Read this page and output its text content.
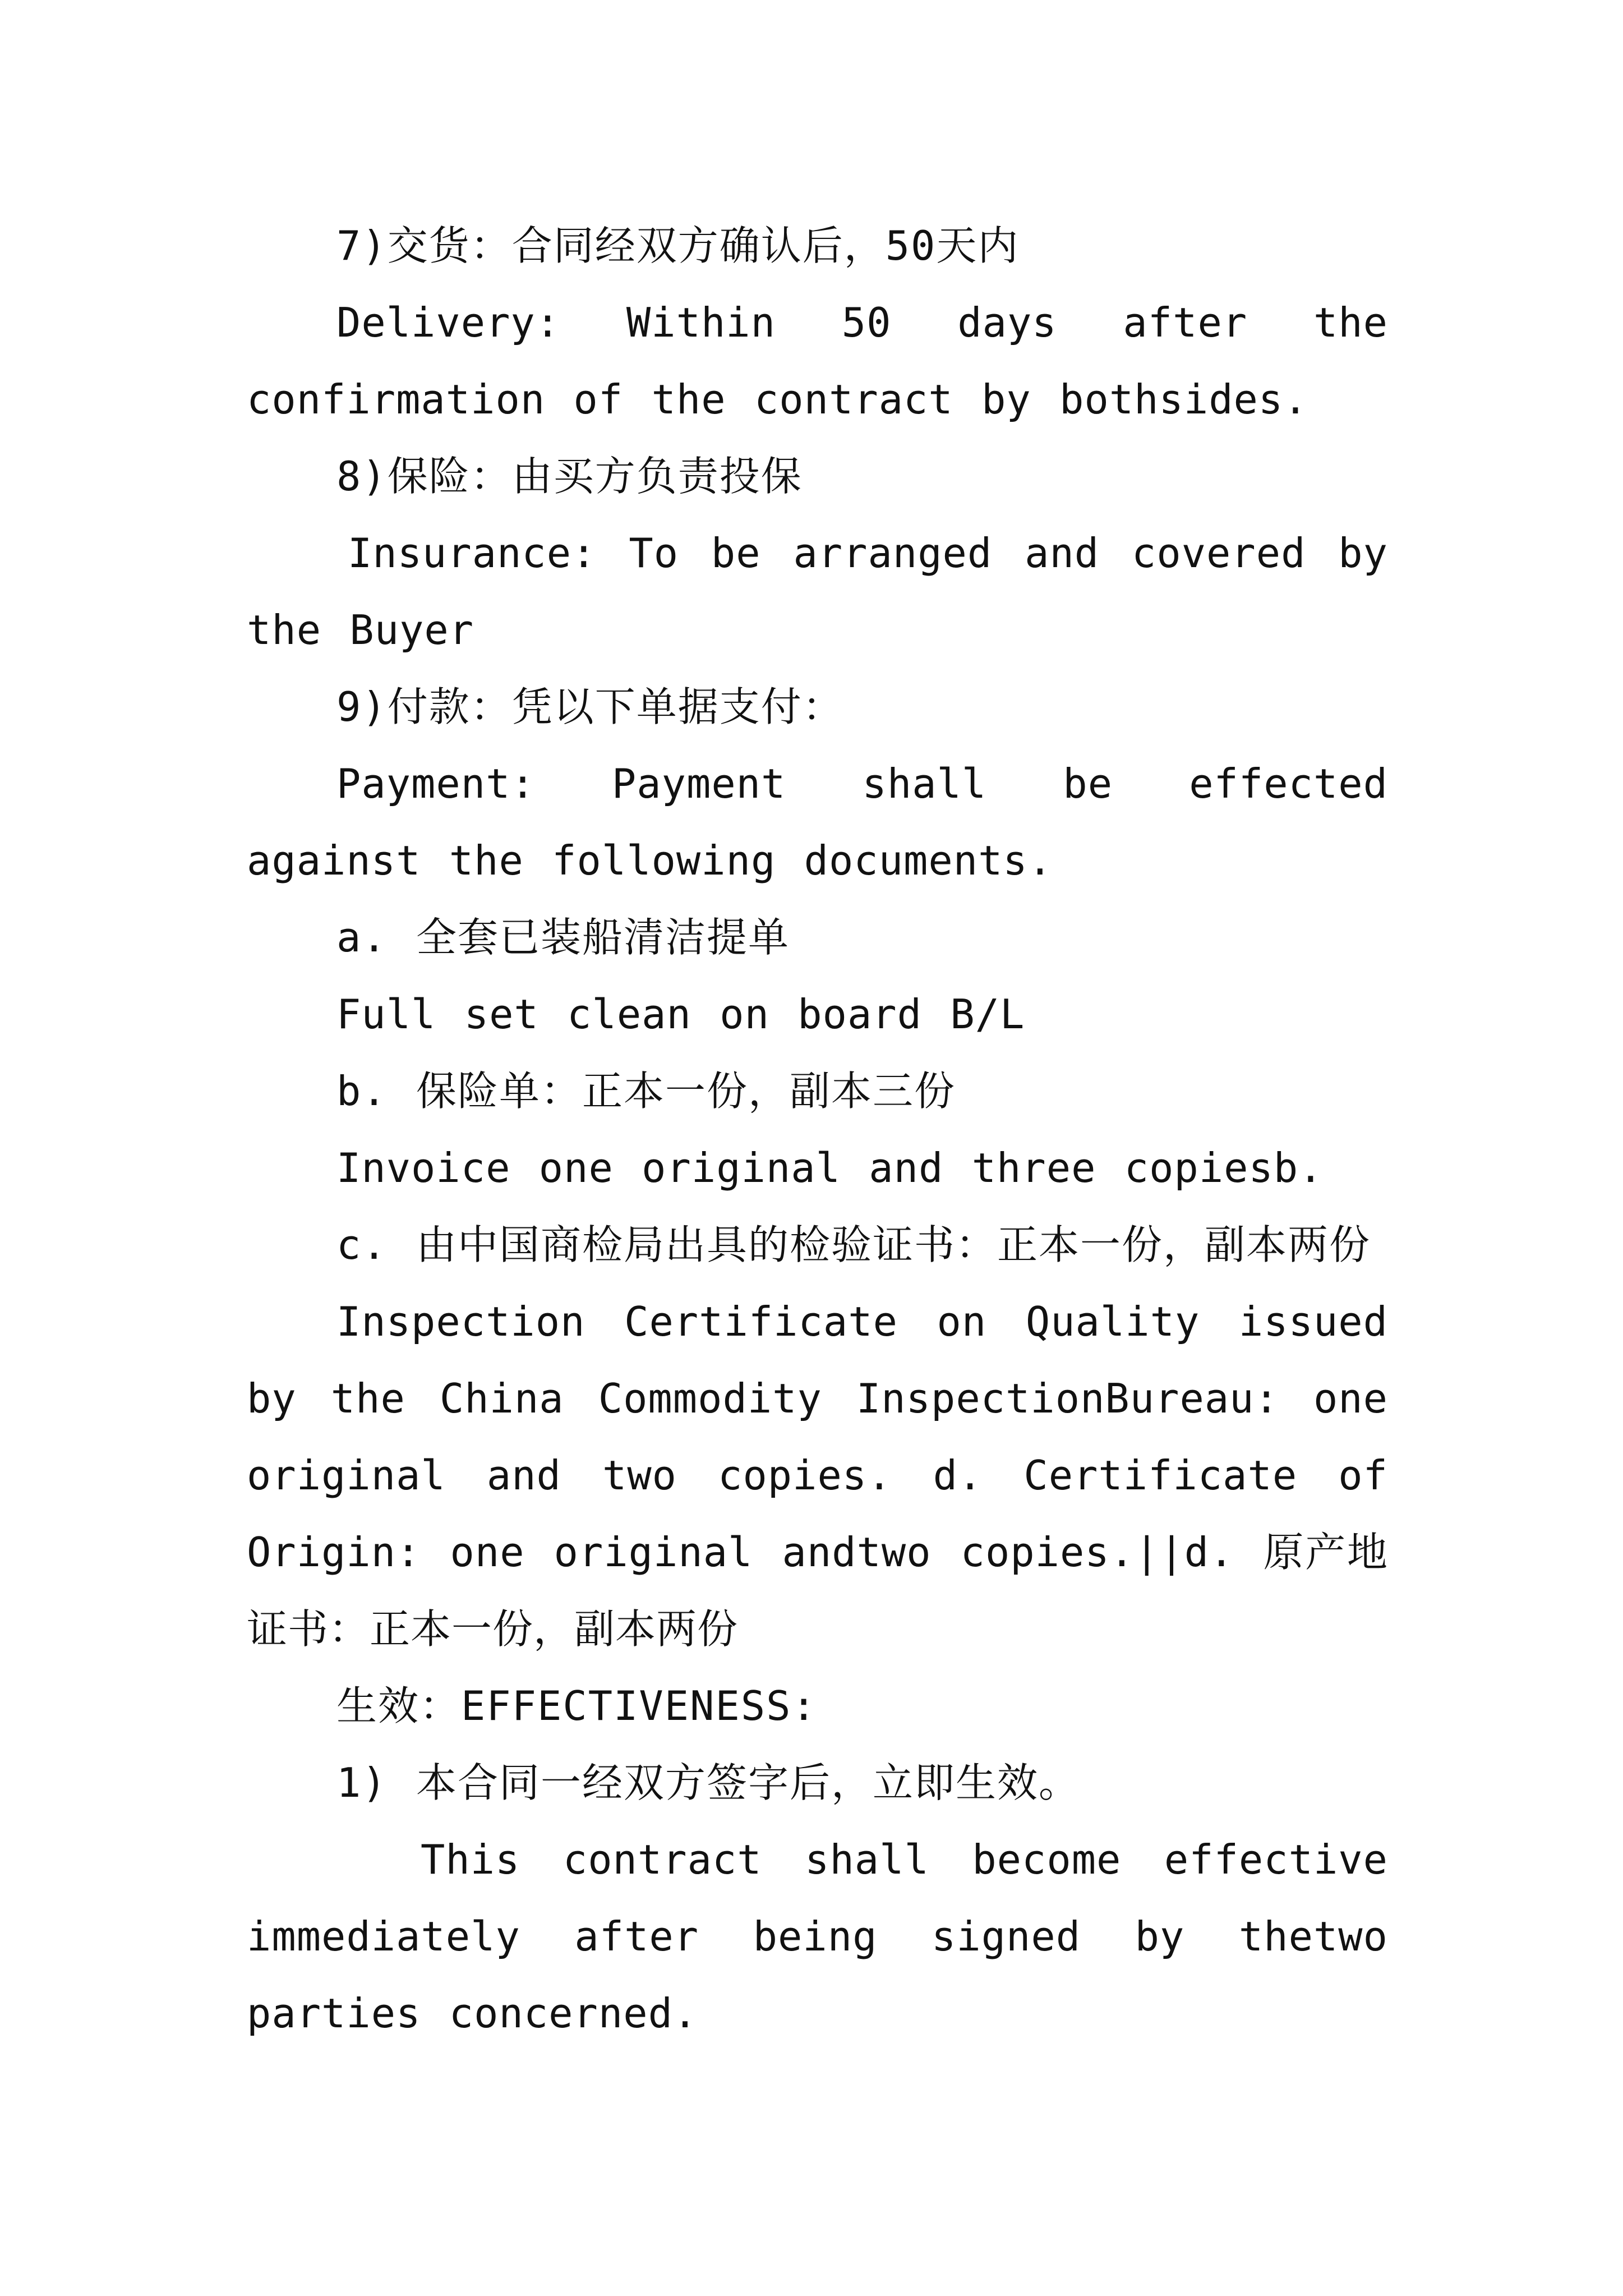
7)交货：合同经双方确认后，50天内

Delivery: Within 50 days after the confirmation of the contract by bothsides.

8)保险：由买方负责投保

Insurance: To be arranged and covered by the Buyer

9)付款：凭以下单据支付：

Payment: Payment shall be effected against the following documents.

a. 全套已装船清洁提单

Full set clean on board B/L

b. 保险单：正本一份，副本三份

Invoice one original and three copiesb.

c. 由中国商检局出具的检验证书：正本一份，副本两份

Inspection Certificate on Quality issued by the China Commodity InspectionBureau: one original and two copies. d. Certificate of Origin: one original andtwo copies.||d. 原产地证书：正本一份，副本两份

生效：EFFECTIVENESS:

1) 本合同一经双方签字后，立即生效。

This contract shall become effective immediately after being signed by thetwo parties concerned.
